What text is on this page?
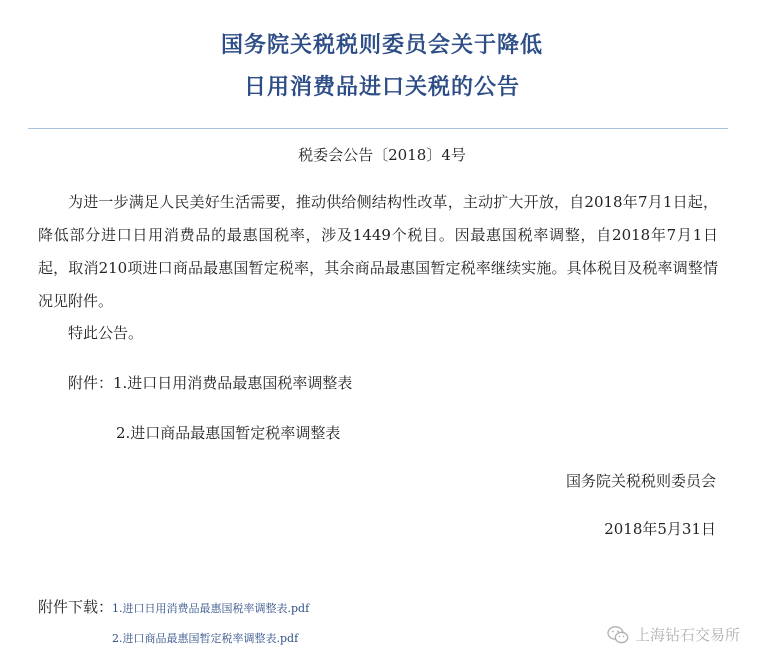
国务院关税税则委员会关于降低
日用消费品进口关税的公告
税委会公告〔2018〕4号

为进一步满足人民美好生活需要，推动供给侧结构性改革，主动扩大开放，自2018年7月1日起，降低部分进口日用消费品的最惠国税率，涉及1449个税目。因最惠国税率调整，自2018年7月1日起，取消210项进口商品最惠国暂定税率，其余商品最惠国暂定税率继续实施。具体税目及税率调整情况见附件。

特此公告。
附件：1.进口日用消费品最惠国税率调整表
2.进口商品最惠国暂定税率调整表
国务院关税税则委员会
2018年5月31日
附件下载：
1.进口日用消费品最惠国税率调整表.pdf
2.进口商品最惠国暂定税率调整表.pdf	上海钻石交易所
